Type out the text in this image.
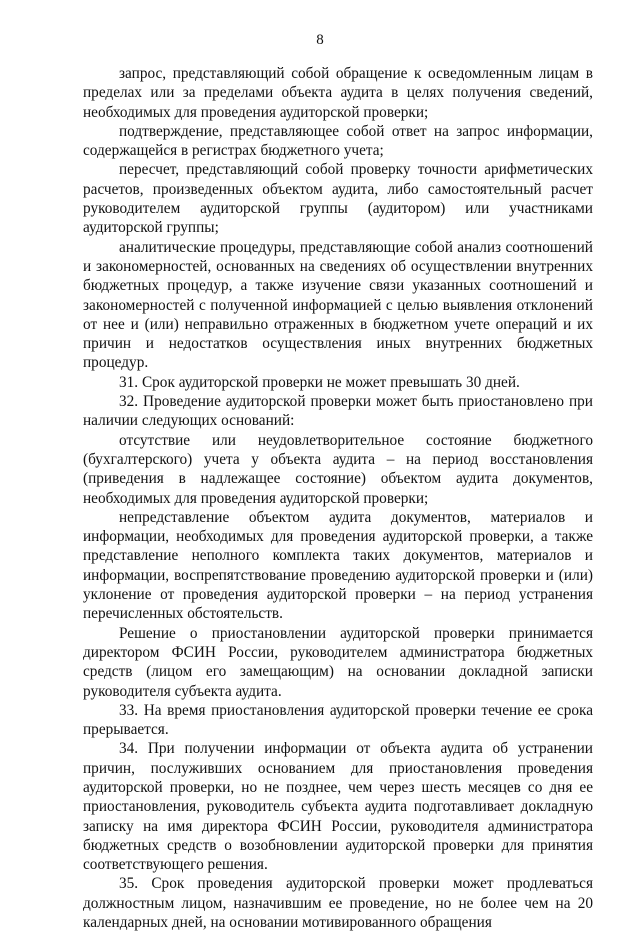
8

запрос, представляющий собой обращение к осведомленным лицам в пределах или за пределами объекта аудита в целях получения сведений, необходимых для проведения аудиторской проверки;

подтверждение, представляющее собой ответ на запрос информации, содержащейся в регистрах бюджетного учета;

пересчет, представляющий собой проверку точности арифметических расчетов, произведенных объектом аудита, либо самостоятельный расчет руководителем аудиторской группы (аудитором) или участниками аудиторской группы;

аналитические процедуры, представляющие собой анализ соотношений и закономерностей, основанных на сведениях об осуществлении внутренних бюджетных процедур, а также изучение связи указанных соотношений и закономерностей с полученной информацией с целью выявления отклонений от нее и (или) неправильно отраженных в бюджетном учете операций и их причин и недостатков осуществления иных внутренних бюджетных процедур.

31. Срок аудиторской проверки не может превышать 30 дней.

32. Проведение аудиторской проверки может быть приостановлено при наличии следующих оснований:

отсутствие или неудовлетворительное состояние бюджетного (бухгалтерского) учета у объекта аудита – на период восстановления (приведения в надлежащее состояние) объектом аудита документов, необходимых для проведения аудиторской проверки;

непредставление объектом аудита документов, материалов и информации, необходимых для проведения аудиторской проверки, а также представление неполного комплекта таких документов, материалов и информации, воспрепятствование проведению аудиторской проверки и (или) уклонение от проведения аудиторской проверки – на период устранения перечисленных обстоятельств.

Решение о приостановлении аудиторской проверки принимается директором ФСИН России, руководителем администратора бюджетных средств (лицом его замещающим) на основании докладной записки руководителя субъекта аудита.

33. На время приостановления аудиторской проверки течение ее срока прерывается.

34. При получении информации от объекта аудита об устранении причин, послуживших основанием для приостановления проведения аудиторской проверки, но не позднее, чем через шесть месяцев со дня ее приостановления, руководитель субъекта аудита подготавливает докладную записку на имя директора ФСИН России, руководителя администратора бюджетных средств о возобновлении аудиторской проверки для принятия соответствующего решения.

35. Срок проведения аудиторской проверки может продлеваться должностным лицом, назначившим ее проведение, но не более чем на 20 календарных дней, на основании мотивированного обращения
